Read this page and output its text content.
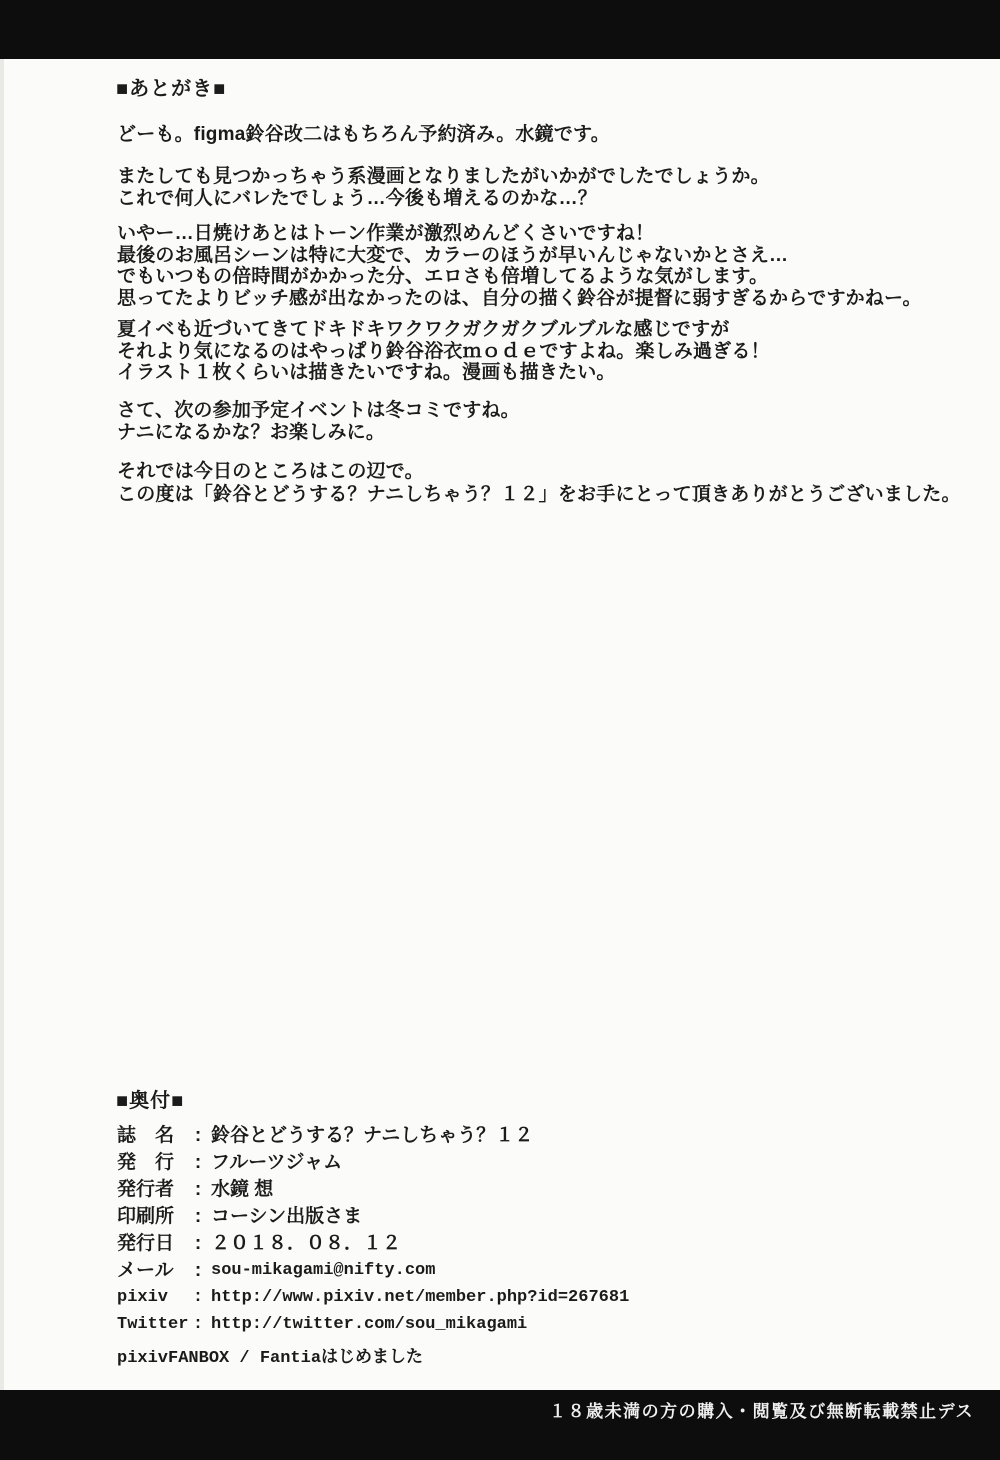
■あとがき■

どーも。figma鈴谷改二はもちろん予約済み。水鏡です。

またしても見つかっちゃう系漫画となりましたがいかがでしたでしょうか。
これで何人にバレたでしょう…今後も増えるのかな…？

いやー…日焼けあとはトーン作業が激烈めんどくさいですね！
最後のお風呂シーンは特に大変で、カラーのほうが早いんじゃないかとさえ…
でもいつもの倍時間がかかった分、エロさも倍増してるような気がします。
思ってたよりビッチ感が出なかったのは、自分の描く鈴谷が提督に弱すぎるからですかねー。

夏イベも近づいてきてドキドキワクワクガクガクブルブルな感じですが
それより気になるのはやっぱり鈴谷浴衣ｍｏｄｅですよね。楽しみ過ぎる！
イラスト１枚くらいは描きたいですね。漫画も描きたい。

さて、次の参加予定イベントは冬コミですね。
ナニになるかな？お楽しみに。

それでは今日のところはこの辺で。
この度は「鈴谷とどうする？ナニしちゃう？１２」をお手にとって頂きありがとうございました。

■奥付■
誌　名	: 鈴谷とどうする？ナニしちゃう？１２
発　行	: フルーツジャム
発行者	: 水鏡 想
印刷所	: コーシン出版さま
発行日	: ２０１８．０８．１２
メール	: sou-mikagami@nifty.com
pixiv	: http://www.pixiv.net/member.php?id=267681
Twitter : http://twitter.com/sou_mikagami
pixivFANBOX / Fantiaはじめました
１８歳未満の方の購入・閲覧及び無断転載禁止デス
